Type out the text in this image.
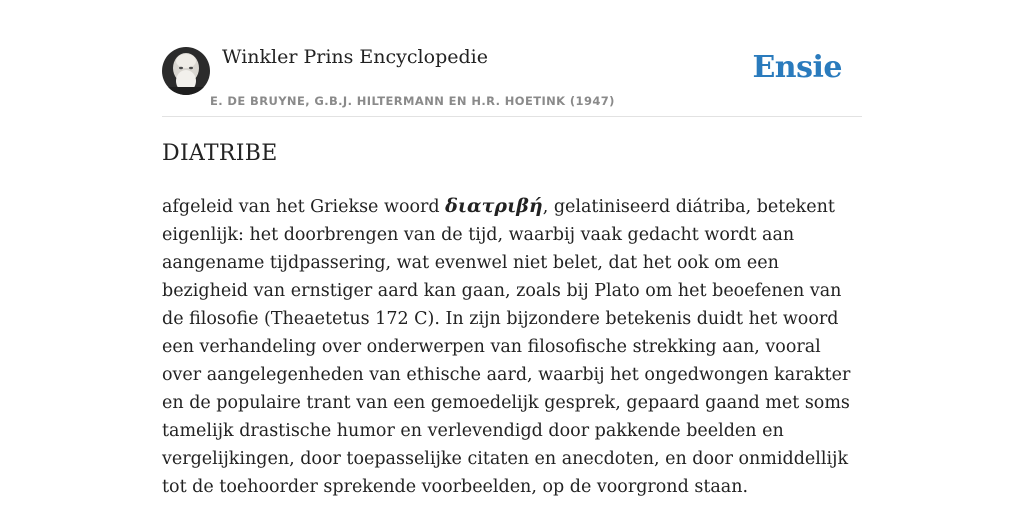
Winkler Prins Encyclopedie
E. DE BRUYNE, G.B.J. HILTERMANN EN H.R. HOETINK (1947)
Ensie
DIATRIBE

afgeleid van het Griekse woord διατριβή, gelatiniseerd diátriba, betekent eigenlijk: het doorbrengen van de tijd, waarbij vaak gedacht wordt aan aangename tijdpassering, wat evenwel niet belet, dat het ook om een bezigheid van ernstiger aard kan gaan, zoals bij Plato om het beoefenen van de filosofie (Theaetetus 172 C). In zijn bijzondere betekenis duidt het woord een verhandeling over onderwerpen van filosofische strekking aan, vooral over aangelegenheden van ethische aard, waarbij het ongedwongen karakter en de populaire trant van een gemoedelijk gesprek, gepaard gaand met soms tamelijk drastische humor en verlevendigd door pakkende beelden en vergelijkingen, door toepasselijke citaten en anecdoten, en door onmiddellijk tot de toehoorder sprekende voorbeelden, op de voorgrond staan.
